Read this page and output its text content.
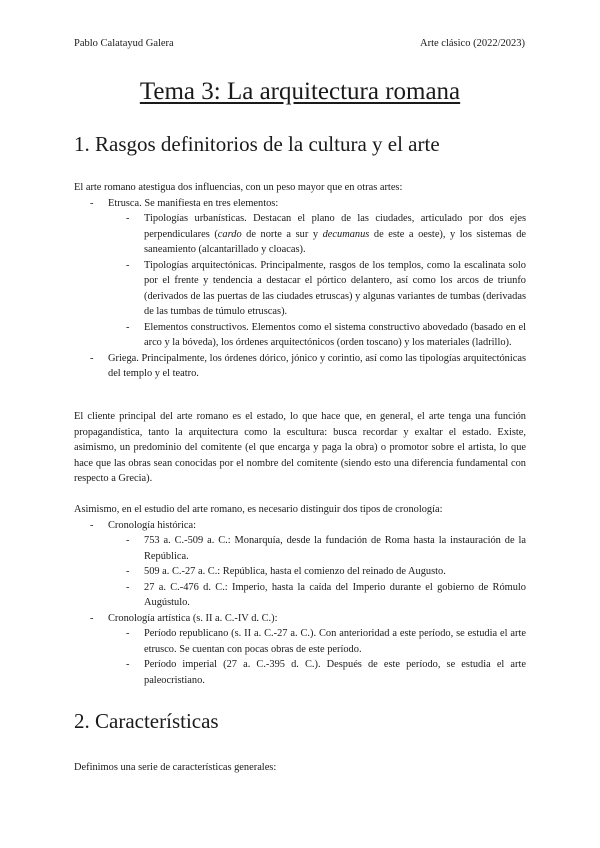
Pablo Calatayud Galera	Arte clásico (2022/2023)
Tema 3: La arquitectura romana
1. Rasgos definitorios de la cultura y el arte

El arte romano atestigua dos influencias, con un peso mayor que en otras artes:

- Etrusca. Se manifiesta en tres elementos:
- Tipologías urbanísticas. Destacan el plano de las ciudades, articulado por dos ejes perpendiculares (cardo de norte a sur y decumanus de este a oeste), y los sistemas de saneamiento (alcantarillado y cloacas).
- Tipologías arquitectónicas. Principalmente, rasgos de los templos, como la escalinata solo por el frente y tendencia a destacar el pórtico delantero, así como los arcos de triunfo (derivados de las puertas de las ciudades etruscas) y algunas variantes de tumbas (derivadas de las tumbas de túmulo etruscas).
- Elementos constructivos. Elementos como el sistema constructivo abovedado (basado en el arco y la bóveda), los órdenes arquitectónicos (orden toscano) y los materiales (ladrillo).
- Griega. Principalmente, los órdenes dórico, jónico y corintio, así como las tipologías arquitectónicas del templo y el teatro.

El cliente principal del arte romano es el estado, lo que hace que, en general, el arte tenga una función propagandística, tanto la arquitectura como la escultura: busca recordar y exaltar el estado. Existe, asimismo, un predominio del comitente (el que encarga y paga la obra) o promotor sobre el artista, lo que hace que las obras sean conocidas por el nombre del comitente (siendo esto una diferencia fundamental con respecto a Grecia).

Asimismo, en el estudio del arte romano, es necesario distinguir dos tipos de cronología:

- Cronología histórica:
- 753 a. C.-509 a. C.: Monarquía, desde la fundación de Roma hasta la instauración de la República.
- 509 a. C.-27 a. C.: República, hasta el comienzo del reinado de Augusto.
- 27 a. C.-476 d. C.: Imperio, hasta la caída del Imperio durante el gobierno de Rómulo Augústulo.
- Cronología artística (s. II a. C.-IV d. C.):
- Período republicano (s. II a. C.-27 a. C.). Con anterioridad a este período, se estudia el arte etrusco. Se cuentan con pocas obras de este período.
- Período imperial (27 a. C.-395 d. C.). Después de este período, se estudia el arte paleocristiano.
2. Características

Definimos una serie de características generales:
